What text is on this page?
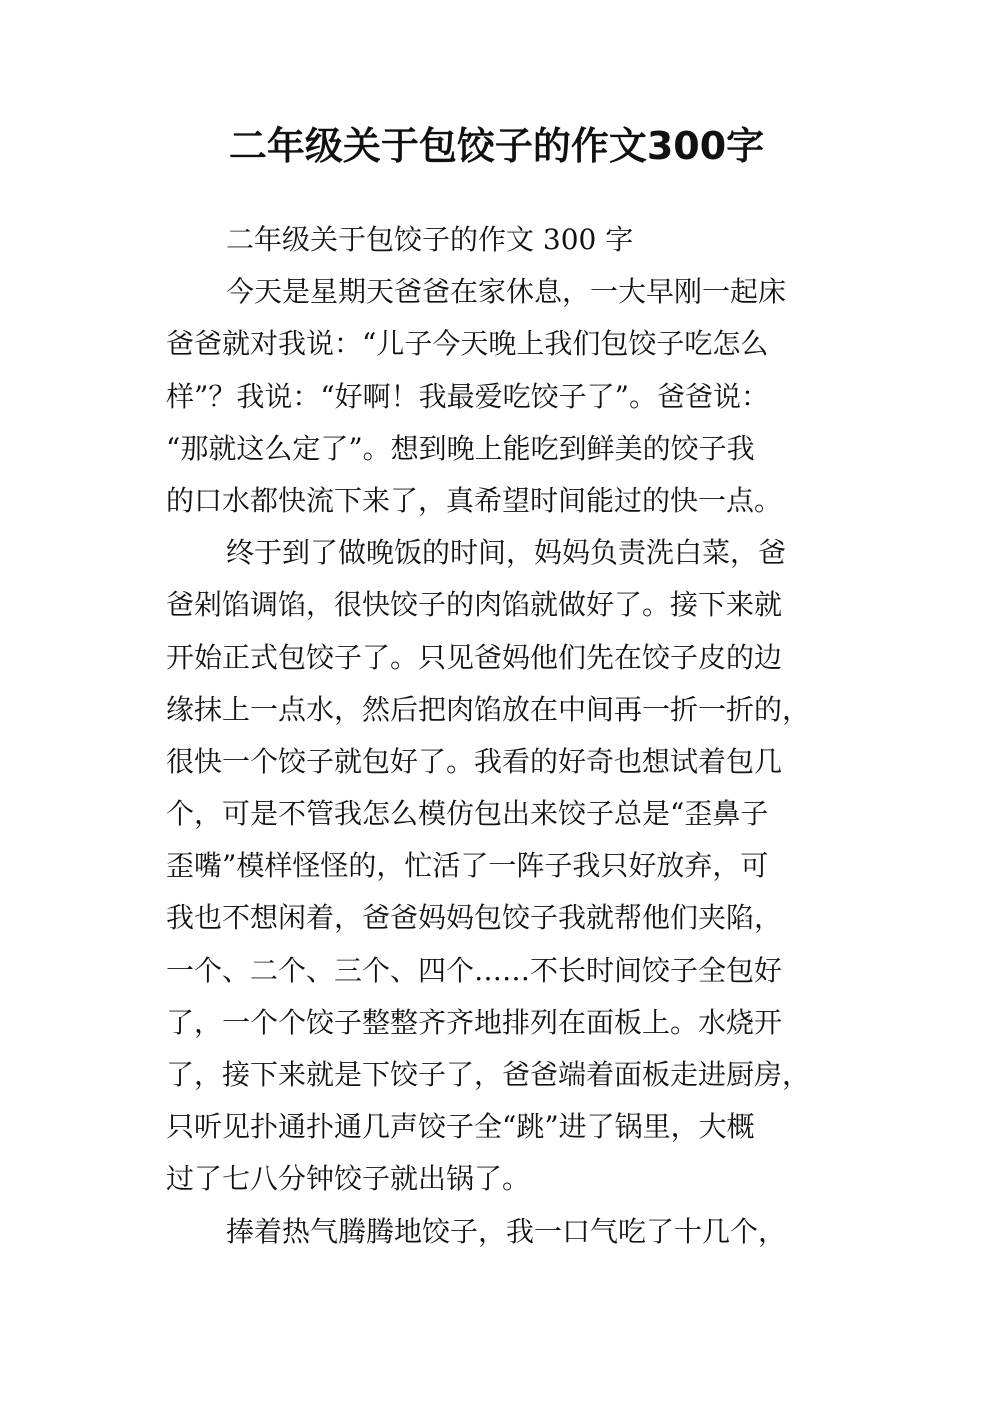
二年级关于包饺子的作文300字

二年级关于包饺子的作文 300 字

今天是星期天爸爸在家休息，一大早刚一起床
爸爸就对我说：“儿子今天晚上我们包饺子吃怎么
样”？我说：“好啊！我最爱吃饺子了”。爸爸说：
“那就这么定了”。想到晚上能吃到鲜美的饺子我
的口水都快流下来了，真希望时间能过的快一点。

终于到了做晚饭的时间，妈妈负责洗白菜，爸
爸剁馅调馅，很快饺子的肉馅就做好了。接下来就
开始正式包饺子了。只见爸妈他们先在饺子皮的边
缘抹上一点水，然后把肉馅放在中间再一折一折的，
很快一个饺子就包好了。我看的好奇也想试着包几
个，可是不管我怎么模仿包出来饺子总是“歪鼻子
歪嘴”模样怪怪的，忙活了一阵子我只好放弃，可
我也不想闲着，爸爸妈妈包饺子我就帮他们夹陷，
一个、二个、三个、四个……不长时间饺子全包好
了，一个个饺子整整齐齐地排列在面板上。水烧开
了，接下来就是下饺子了，爸爸端着面板走进厨房，
只听见扑通扑通几声饺子全“跳”进了锅里，大概
过了七八分钟饺子就出锅了。

捧着热气腾腾地饺子，我一口气吃了十几个，
